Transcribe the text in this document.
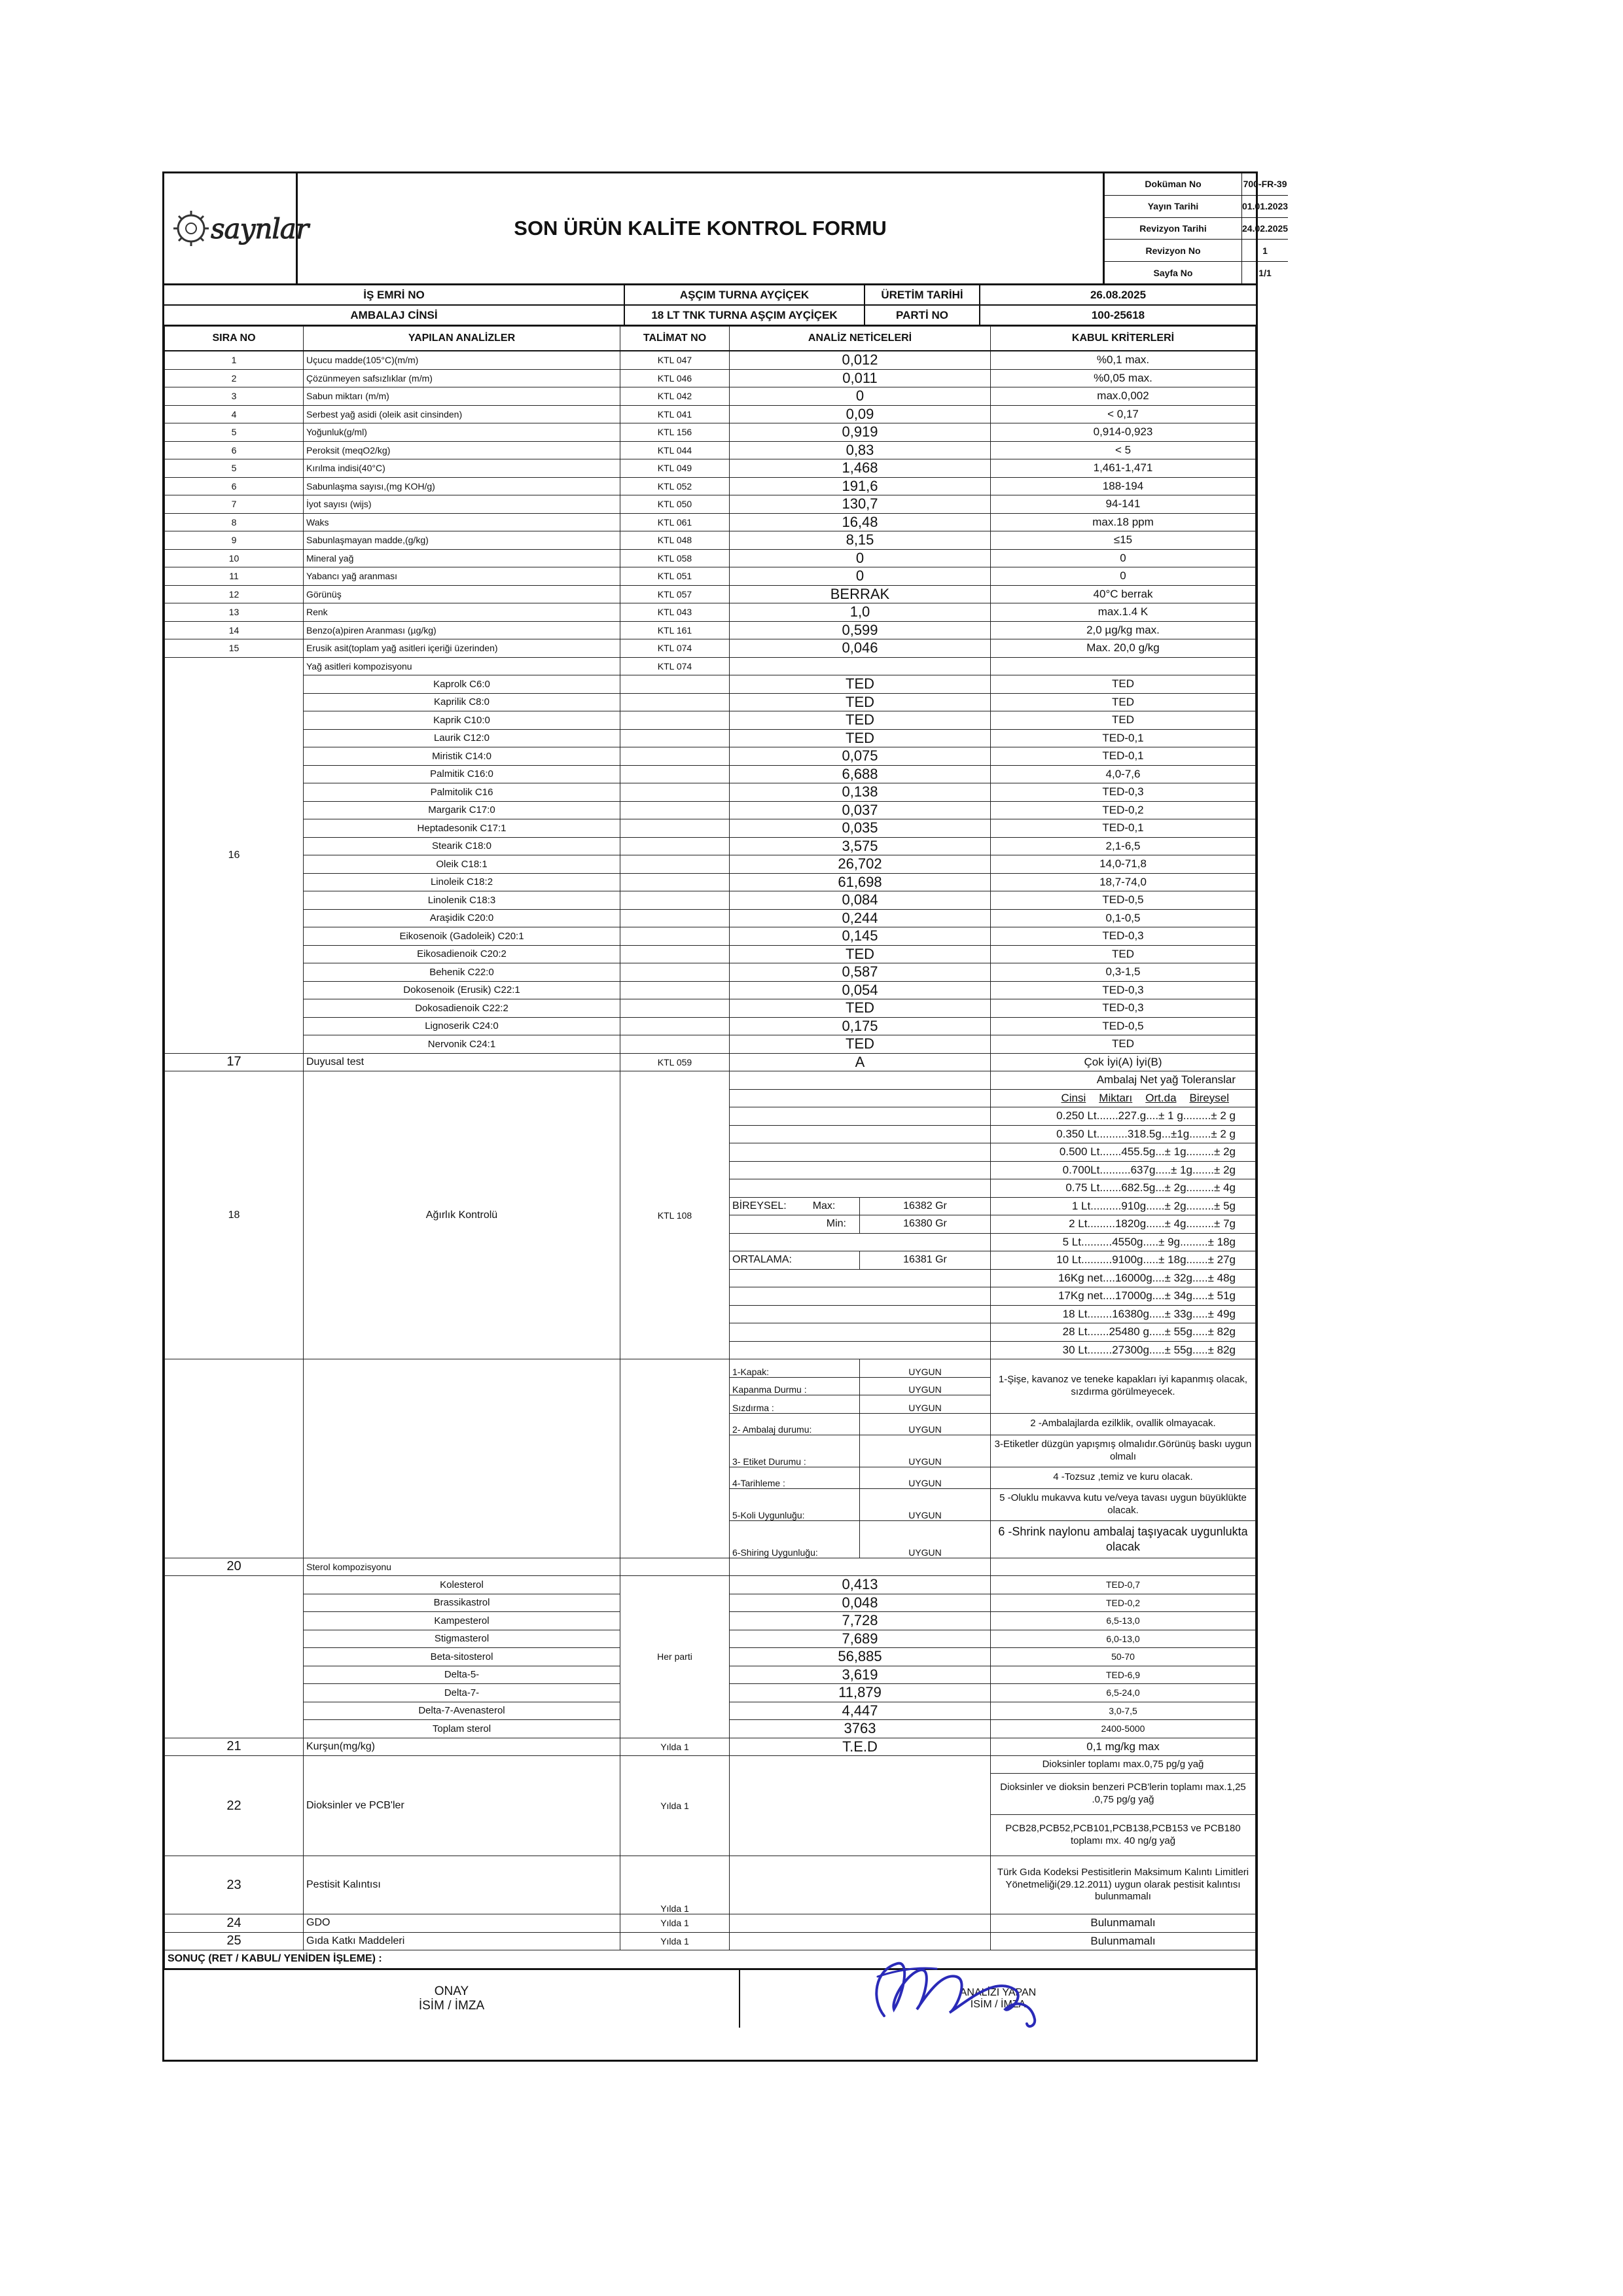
saynlar	SON ÜRÜN KALİTE KONTROL FORMU
Doküman No	700-FR-39
Yayın Tarihi	01.01.2023
Revizyon Tarihi	24.02.2025
Revizyon No	1
Sayfa No	1/1
İŞ EMRİ NO	AŞÇIM TURNA AYÇİÇEK	ÜRETİM TARİHİ	26.08.2025
AMBALAJ CİNSİ	18 LT TNK TURNA AŞÇIM AYÇİÇEK	PARTİ NO	100-25618
SIRA NO	YAPILAN ANALİZLER	TALİMAT NO	ANALİZ NETİCELERİ		KABUL KRİTERLERİ
1	Uçucu madde(105°C)(m/m)	KTL 047	0,012		%0,1 max.
2	Çözünmeyen safsızlıklar (m/m)	KTL 046	0,011		%0,05 max.
3	Sabun miktarı (m/m)	KTL 042	0		max.0,002
4	Serbest yağ asidi (oleik asit cinsinden)	KTL 041	0,09		< 0,17
5	Yoğunluk(g/ml)	KTL 156	0,919		0,914-0,923
6	Peroksit (meqO2/kg)	KTL 044	0,83		< 5
5	Kırılma indisi(40°C)	KTL 049	1,468		1,461-1,471
6	Sabunlaşma sayısı,(mg KOH/g)	KTL 052	191,6		188-194
7	İyot sayısı (wijs)	KTL 050	130,7		94-141
8	Waks	KTL 061	16,48		max.18 ppm
9	Sabunlaşmayan madde,(g/kg)	KTL 048	8,15		≤15
10	Mineral yağ	KTL 058	0		0
11	Yabancı yağ aranması	KTL 051	0		0
12	Görünüş	KTL 057	BERRAK		40°C berrak
13	Renk	KTL 043	1,0		max.1.4 K
14	Benzo(a)piren Aranması (µg/kg)	KTL 161	0,599		2,0 µg/kg max.
15	Erusik asit(toplam yağ asitleri içeriği üzerinden)	KTL 074	0,046		Max. 20,0 g/kg
16	Yağ asitleri kompozisyonu	KTL 074			
	Kaprolk C6:0		TED		TED
	Kaprilik C8:0		TED		TED
	Kaprik C10:0		TED		TED
	Laurik C12:0		TED		TED-0,1
	Miristik C14:0		0,075		TED-0,1
	Palmitik C16:0		6,688		4,0-7,6
	Palmitolik C16		0,138		TED-0,3
	Margarik C17:0		0,037		TED-0,2
	Heptadesonik C17:1		0,035		TED-0,1
	Stearik C18:0		3,575		2,1-6,5
	Oleik C18:1		26,702		14,0-71,8
	Linoleik C18:2		61,698		18,7-74,0
	Linolenik C18:3		0,084		TED-0,5
	Araşidik C20:0		0,244		0,1-0,5
	Eikosenoik (Gadoleik) C20:1		0,145		TED-0,3
	Eikosadienoik C20:2		TED		TED
	Behenik C22:0		0,587		0,3-1,5
	Dokosenoik (Erusik) C22:1		0,054		TED-0,3
	Dokosadienoik C22:2		TED		TED-0,3
	Lignoserik C24:0		0,175		TED-0,5
	Nervonik C24:1		TED		TED
17	Duyusal test	KTL 059	A		Çok İyi(A) İyi(B)
18	Ağırlık Kontrolü	KTL 108			Ambalaj Net yağ Toleranslar
					Cinsi Miktarı Ort.da Bireysel
					0.250 Lt.......227.g....± 1 g.........± 2 g
					0.350 Lt..........318.5g...±1g.......± 2 g
					0.500 Lt.......455.5g...± 1g.........± 2g
					0.700Lt..........637g.....± 1g.......± 2g
					0.75 Lt.......682.5g...± 2g.........± 4g
			BİREYSEL: Max:	16382 Gr	1 Lt..........910g......± 2g.........± 5g
			Min:	16380 Gr	2 Lt.........1820g......± 4g.........± 7g
					5 Lt..........4550g.....± 9g.........± 18g
			ORTALAMA:	16381 Gr	10 Lt..........9100g.....± 18g.......± 27g
					16Kg net....16000g....± 32g.....± 48g
					17Kg net....17000g....± 34g.....± 51g
					18 Lt........16380g.....± 33g.....± 49g
					28 Lt.......25480 g.....± 55g.....± 82g
					30 Lt........27300g.....± 55g.....± 82g
			1-Kapak:	UYGUN	1-Şişe, kavanoz ve teneke kapakları iyi kapanmış olacak, sızdırma görülmeyecek.
			Kapanma Durmu :	UYGUN	
			Sızdırma :	UYGUN	
			2- Ambalaj durumu:	UYGUN	2 -Ambalajlarda ezilklik, ovallik olmayacak.
			3- Etiket Durumu :	UYGUN	3-Etiketler düzgün yapışmış olmalıdır.Görünüş baskı uygun olmalı
			4-Tarihleme :	UYGUN	4 -Tozsuz ,temiz ve kuru olacak.
			5-Koli Uygunluğu:	UYGUN	5 -Oluklu mukavva kutu ve/veya tavası uygun büyüklükte olacak.
			6-Shiring Uygunluğu:	UYGUN	6 -Shrink naylonu ambalaj taşıyacak uygunlukta olacak
20	Sterol kompozisyonu				
	Kolesterol	Her parti	0,413		TED-0,7
	Brassikastrol		0,048		TED-0,2
	Kampesterol		7,728		6,5-13,0
	Stigmasterol		7,689		6,0-13,0
	Beta-sitosterol		56,885		50-70
	Delta-5-		3,619		TED-6,9
	Delta-7-		11,879		6,5-24,0
	Delta-7-Avenasterol		4,447		3,0-7,5
	Toplam sterol		3763		2400-5000
21	Kurşun(mg/kg)	Yılda 1	T.E.D		0,1 mg/kg max
22	Dioksinler ve PCB'ler	Yılda 1			Dioksinler toplamı max.0,75 pg/g yağ
					Dioksinler ve dioksin benzeri PCB'lerin toplamı max.1,25 .0,75 pg/g yağ
					PCB28,PCB52,PCB101,PCB138,PCB153 ve PCB180 toplamı mx. 40 ng/g yağ
23	Pestisit Kalıntısı	Yılda 1			Türk Gıda Kodeksi Pestisitlerin Maksimum Kalıntı Limitleri Yönetmeliği(29.12.2011) uygun olarak pestisit kalıntısı bulunmamalı
24	GDO	Yılda 1			Bulunmamalı
25	Gıda Katkı Maddeleri	Yılda 1			Bulunmamalı
SONUÇ (RET / KABUL/ YENİDEN İŞLEME) :					
ONAY
İSİM / İMZA
ANALİZİ YAPAN
İSİM / İMZA
